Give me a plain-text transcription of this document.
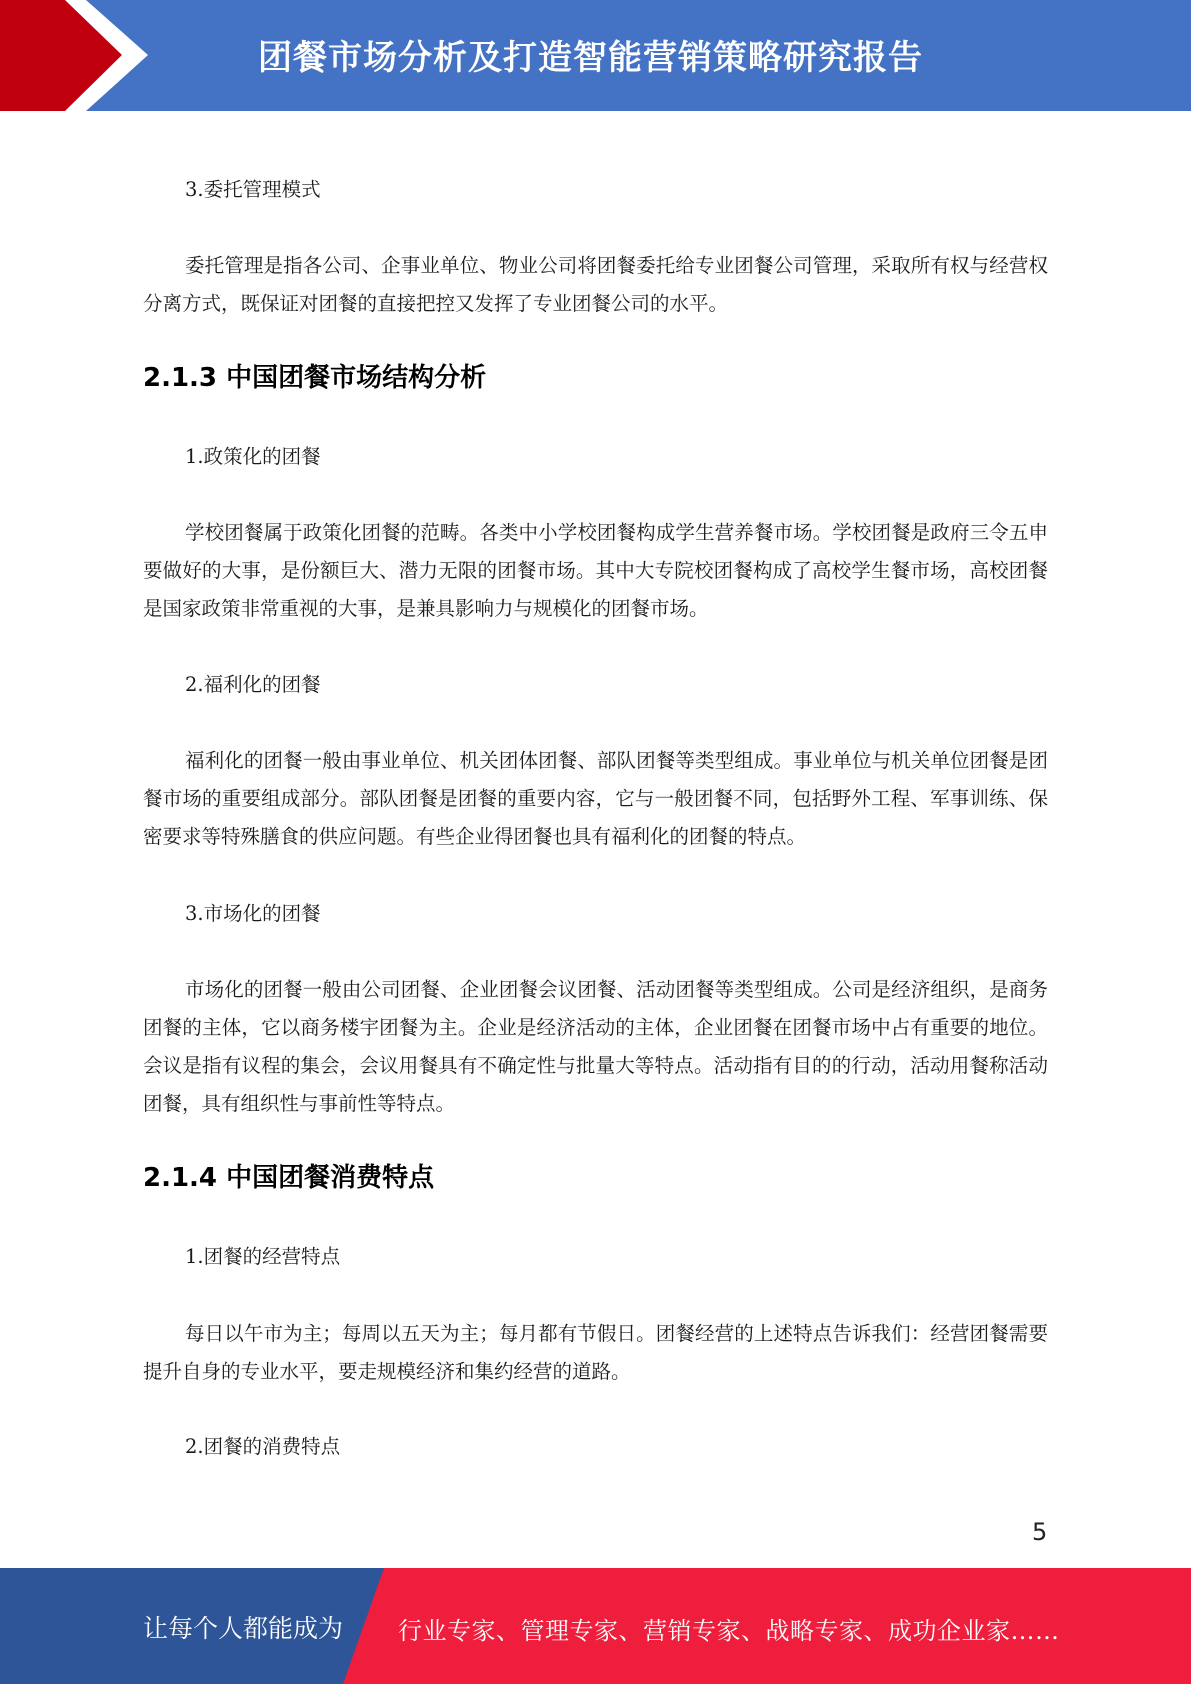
团餐市场分析及打造智能营销策略研究报告

3.委托管理模式

委托管理是指各公司、企事业单位、物业公司将团餐委托给专业团餐公司管理，采取所有权与经营权分离方式，既保证对团餐的直接把控又发挥了专业团餐公司的水平。

2.1.3 中国团餐市场结构分析

1.政策化的团餐

学校团餐属于政策化团餐的范畴。各类中小学校团餐构成学生营养餐市场。学校团餐是政府三令五申要做好的大事，是份额巨大、潜力无限的团餐市场。其中大专院校团餐构成了高校学生餐市场，高校团餐是国家政策非常重视的大事，是兼具影响力与规模化的团餐市场。

2.福利化的团餐

福利化的团餐一般由事业单位、机关团体团餐、部队团餐等类型组成。事业单位与机关单位团餐是团餐市场的重要组成部分。部队团餐是团餐的重要内容，它与一般团餐不同，包括野外工程、军事训练、保密要求等特殊膳食的供应问题。有些企业得团餐也具有福利化的团餐的特点。

3.市场化的团餐

市场化的团餐一般由公司团餐、企业团餐会议团餐、活动团餐等类型组成。公司是经济组织，是商务团餐的主体，它以商务楼宇团餐为主。企业是经济活动的主体，企业团餐在团餐市场中占有重要的地位。会议是指有议程的集会，会议用餐具有不确定性与批量大等特点。活动指有目的的行动，活动用餐称活动团餐，具有组织性与事前性等特点。

2.1.4 中国团餐消费特点

1.团餐的经营特点

每日以午市为主；每周以五天为主；每月都有节假日。团餐经营的上述特点告诉我们：经营团餐需要提升自身的专业水平，要走规模经济和集约经营的道路。

2.团餐的消费特点

5
让每个人都能成为 行业专家、管理专家、营销专家、战略专家、成功企业家……
